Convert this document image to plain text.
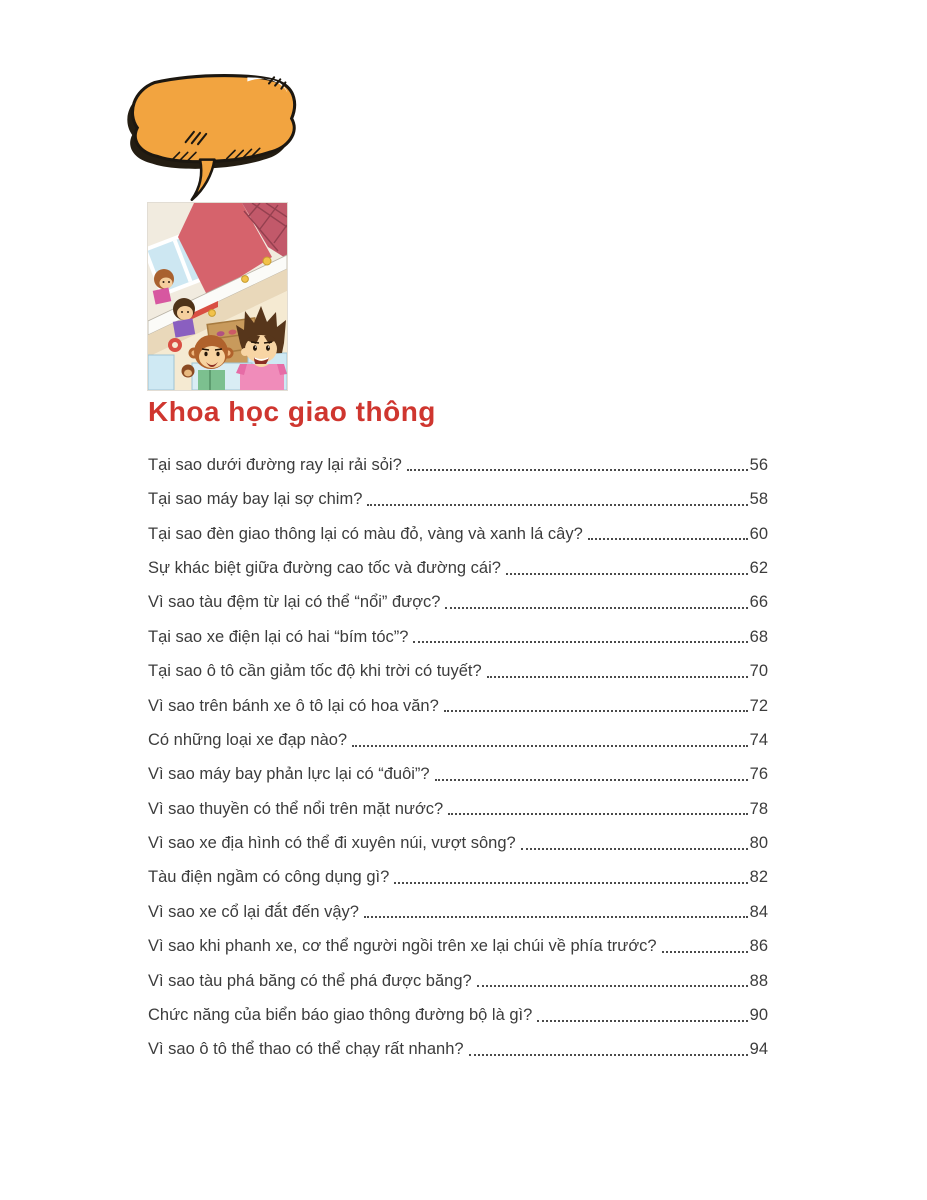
Khoa học giao thông
Tại sao dưới đường ray lại rải sỏi?	56
Tại sao máy bay lại sợ chim?	58
Tại sao đèn giao thông lại có màu đỏ, vàng và xanh lá cây?	60
Sự khác biệt giữa đường cao tốc và đường cái?	62
Vì sao tàu đệm từ lại có thể “nổi” được?	66
Tại sao xe điện lại có hai “bím tóc”?	68
Tại sao ô tô cần giảm tốc độ khi trời có tuyết?	70
Vì sao trên bánh xe ô tô lại có hoa văn?	72
Có những loại xe đạp nào?	74
Vì sao máy bay phản lực lại có “đuôi”?	76
Vì sao thuyền có thể nổi trên mặt nước?	78
Vì sao xe địa hình có thể đi xuyên núi, vượt sông?	80
Tàu điện ngầm có công dụng gì?	82
Vì sao xe cổ lại đắt đến vậy?	84
Vì sao khi phanh xe, cơ thể người ngồi trên xe lại chúi về phía trước?	86
Vì sao tàu phá băng có thể phá được băng?	88
Chức năng của biển báo giao thông đường bộ là gì?	90
Vì sao ô tô thể thao có thể chạy rất nhanh?	94
